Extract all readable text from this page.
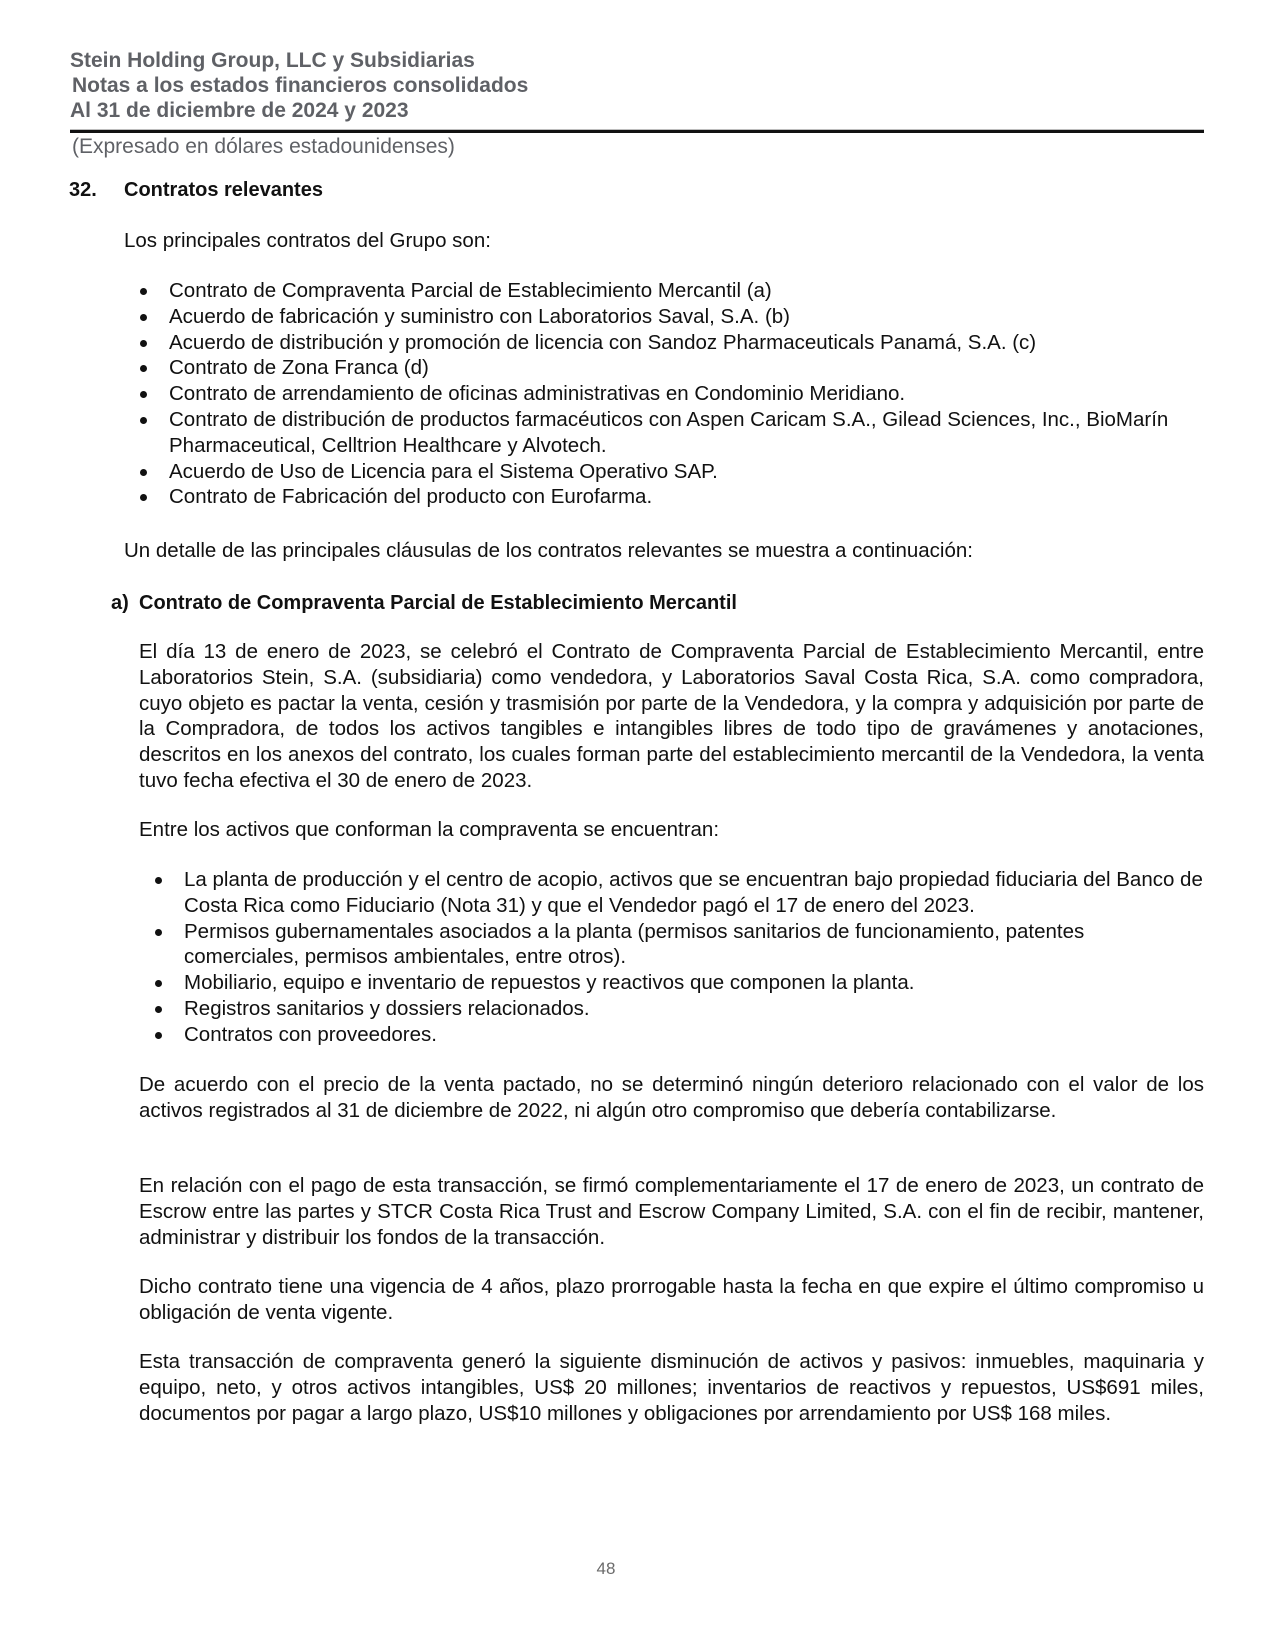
Stein Holding Group, LLC y Subsidiarias
Notas a los estados financieros consolidados
Al 31 de diciembre de 2024 y 2023
(Expresado en dólares estadounidenses)
32. Contratos relevantes
Los principales contratos del Grupo son:
Contrato de Compraventa Parcial de Establecimiento Mercantil (a)
Acuerdo de fabricación y suministro con Laboratorios Saval, S.A. (b)
Acuerdo de distribución y promoción de licencia con Sandoz Pharmaceuticals Panamá, S.A. (c)
Contrato de Zona Franca (d)
Contrato de arrendamiento de oficinas administrativas en Condominio Meridiano.
Contrato de distribución de productos farmacéuticos con Aspen Caricam S.A., Gilead Sciences, Inc., BioMarín Pharmaceutical, Celltrion Healthcare y Alvotech.
Acuerdo de Uso de Licencia para el Sistema Operativo SAP.
Contrato de Fabricación del producto con Eurofarma.
Un detalle de las principales cláusulas de los contratos relevantes se muestra a continuación:
a) Contrato de Compraventa Parcial de Establecimiento Mercantil
El día 13 de enero de 2023, se celebró el Contrato de Compraventa Parcial de Establecimiento Mercantil, entre Laboratorios Stein, S.A. (subsidiaria) como vendedora, y Laboratorios Saval Costa Rica, S.A. como compradora, cuyo objeto es pactar la venta, cesión y trasmisión por parte de la Vendedora, y la compra y adquisición por parte de la Compradora, de todos los activos tangibles e intangibles libres de todo tipo de gravámenes y anotaciones, descritos en los anexos del contrato, los cuales forman parte del establecimiento mercantil de la Vendedora, la venta tuvo fecha efectiva el 30 de enero de 2023.
Entre los activos que conforman la compraventa se encuentran:
La planta de producción y el centro de acopio, activos que se encuentran bajo propiedad fiduciaria del Banco de Costa Rica como Fiduciario (Nota 31) y que el Vendedor pagó el 17 de enero del 2023.
Permisos gubernamentales asociados a la planta (permisos sanitarios de funcionamiento, patentes comerciales, permisos ambientales, entre otros).
Mobiliario, equipo e inventario de repuestos y reactivos que componen la planta.
Registros sanitarios y dossiers relacionados.
Contratos con proveedores.
De acuerdo con el precio de la venta pactado, no se determinó ningún deterioro relacionado con el valor de los activos registrados al 31 de diciembre de 2022, ni algún otro compromiso que debería contabilizarse.
En relación con el pago de esta transacción, se firmó complementariamente el 17 de enero de 2023, un contrato de Escrow entre las partes y STCR Costa Rica Trust and Escrow Company Limited, S.A. con el fin de recibir, mantener, administrar y distribuir los fondos de la transacción.
Dicho contrato tiene una vigencia de 4 años, plazo prorrogable hasta la fecha en que expire el último compromiso u obligación de venta vigente.
Esta transacción de compraventa generó la siguiente disminución de activos y pasivos: inmuebles, maquinaria y equipo, neto, y otros activos intangibles, US$ 20 millones; inventarios de reactivos y repuestos, US$691 miles, documentos por pagar a largo plazo, US$10 millones y obligaciones por arrendamiento por US$ 168 miles.
48
